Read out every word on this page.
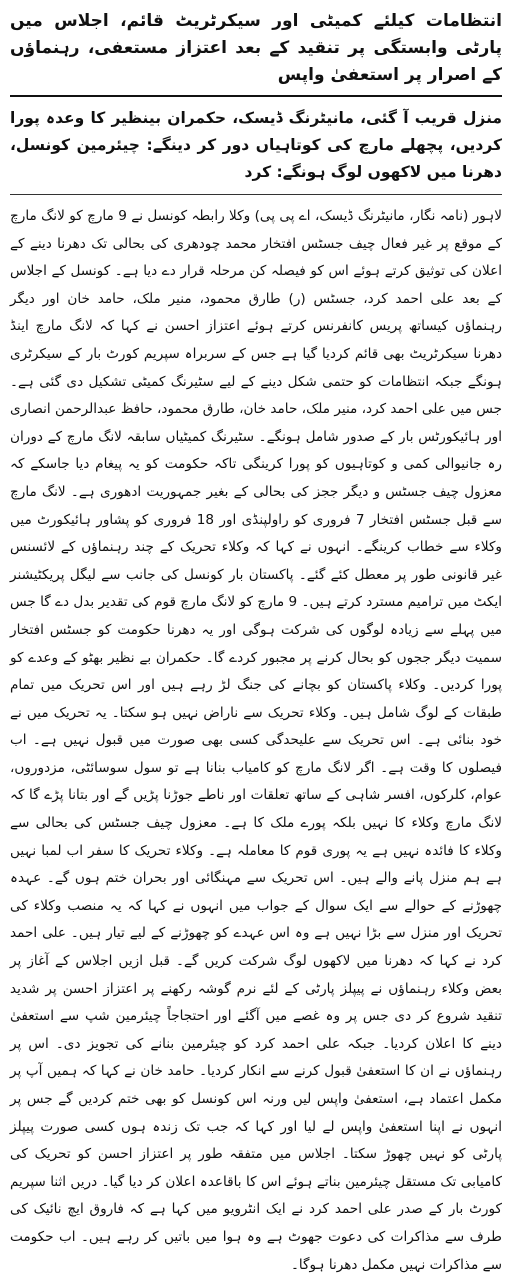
انتظامات کیلئے کمیٹی اور سیکرٹریٹ قائم، اجلاس میں پارٹی وابستگی پر تنقید کے بعد اعتزاز مستعفی، رہنماؤں کے اصرار پر استعفیٰ واپس
منزل قریب آ گئی، مانیٹرنگ ڈیسک، حکمران بینظیر کا وعدہ پورا کردیں، پچھلے مارچ کی کوتاہیاں دور کر دینگے: چیئرمین کونسل، دھرنا میں لاکھوں لوگ ہونگے: کرد

لاہور (نامہ نگار، مانیٹرنگ ڈیسک، اے پی پی) وکلا رابطہ کونسل نے 9 مارچ کو لانگ مارچ کے موقع پر غیر فعال چیف جسٹس افتخار محمد چودھری کی بحالی تک دھرنا دینے کے اعلان کی توثیق کرتے ہوئے اس کو فیصلہ کن مرحلہ قرار دے دیا ہے۔ کونسل کے اجلاس کے بعد علی احمد کرد، جسٹس (ر) طارق محمود، منیر ملک، حامد خان اور دیگر رہنماؤں کیساتھ پریس کانفرنس کرتے ہوئے اعتزاز احسن نے کہا کہ لانگ مارچ اینڈ دھرنا سیکرٹریٹ بھی قائم کردیا گیا ہے جس کے سربراہ سپریم کورٹ بار کے سیکرٹری ہونگے جبکہ انتظامات کو حتمی شکل دینے کے لیے سٹیرنگ کمیٹی تشکیل دی گئی ہے۔ جس میں علی احمد کرد، منیر ملک، حامد خان، طارق محمود، حافظ عبدالرحمن انصاری اور ہائیکورٹس بار کے صدور شامل ہونگے۔ سٹیرنگ کمیٹیاں سابقہ لانگ مارچ کے دوران رہ جانیوالی کمی و کوتاہیوں کو پورا کرینگی تاکہ حکومت کو یہ پیغام دیا جاسکے کہ معزول چیف جسٹس و دیگر ججز کی بحالی کے بغیر جمہوریت ادھوری ہے۔ لانگ مارچ سے قبل جسٹس افتخار 7 فروری کو راولپنڈی اور 18 فروری کو پشاور ہائیکورٹ میں وکلاء سے خطاب کرینگے۔ انہوں نے کہا کہ وکلاء تحریک کے چند رہنماؤں کے لائسنس غیر قانونی طور پر معطل کئے گئے۔ پاکستان بار کونسل کی جانب سے لیگل پریکٹیشنر ایکٹ میں ترامیم مسترد کرتے ہیں۔ 9 مارچ کو لانگ مارچ قوم کی تقدیر بدل دے گا جس میں پہلے سے زیادہ لوگوں کی شرکت ہوگی اور یہ دھرنا حکومت کو جسٹس افتخار سمیت دیگر ججوں کو بحال کرنے پر مجبور کردے گا۔ حکمران بے نظیر بھٹو کے وعدے کو پورا کردیں۔ وکلاء پاکستان کو بچانے کی جنگ لڑ رہے ہیں اور اس تحریک میں تمام طبقات کے لوگ شامل ہیں۔ وکلاء تحریک سے ناراض نہیں ہو سکتا۔ یہ تحریک میں نے خود بنائی ہے۔ اس تحریک سے علیحدگی کسی بھی صورت میں قبول نہیں ہے۔ اب فیصلوں کا وقت ہے۔ اگر لانگ مارچ کو کامیاب بنانا ہے تو سول سوسائٹی، مزدوروں، عوام، کلرکوں، افسر شاہی کے ساتھ تعلقات اور ناطے جوڑنا پڑیں گے اور بتانا پڑے گا کہ لانگ مارچ وکلاء کا نہیں بلکہ پورے ملک کا ہے۔ معزول چیف جسٹس کی بحالی سے وکلاء کا فائدہ نہیں ہے یہ پوری قوم کا معاملہ ہے۔ وکلاء تحریک کا سفر اب لمبا نہیں ہے ہم منزل پانے والے ہیں۔ اس تحریک سے مہنگائی اور بحران ختم ہوں گے۔ عہدہ چھوڑنے کے حوالے سے ایک سوال کے جواب میں انہوں نے کہا کہ یہ منصب وکلاء کی تحریک اور منزل سے بڑا نہیں ہے وہ اس عہدے کو چھوڑنے کے لیے تیار ہیں۔ علی احمد کرد نے کہا کہ دھرنا میں لاکھوں لوگ شرکت کریں گے۔ قبل ازیں اجلاس کے آغاز پر بعض وکلاء رہنماؤں نے پیپلز پارٹی کے لئے نرم گوشہ رکھنے پر اعتزاز احسن پر شدید تنقید شروع کر دی جس پر وہ غصے میں آگئے اور احتجاجاً چیئرمین شپ سے استعفیٰ دینے کا اعلان کردیا۔ جبکہ علی احمد کرد کو چیئرمین بنانے کی تجویز دی۔ اس پر رہنماؤں نے ان کا استعفیٰ قبول کرنے سے انکار کردیا۔ حامد خان نے کہا کہ ہمیں آپ پر مکمل اعتماد ہے، استعفیٰ واپس لیں ورنہ اس کونسل کو بھی ختم کردیں گے جس پر انہوں نے اپنا استعفیٰ واپس لے لیا اور کہا کہ جب تک زندہ ہوں کسی صورت پیپلز پارٹی کو نہیں چھوڑ سکتا۔ اجلاس میں متفقہ طور پر اعتزاز احسن کو تحریک کی کامیابی تک مستقل چیئرمین بناتے ہوئے اس کا باقاعدہ اعلان کر دیا گیا۔ دریں اثنا سپریم کورٹ بار کے صدر علی احمد کرد نے ایک انٹرویو میں کہا ہے کہ فاروق ایچ نائیک کی طرف سے مذاکرات کی دعوت جھوٹ ہے وہ ہوا میں باتیں کر رہے ہیں۔ اب حکومت سے مذاکرات نہیں مکمل دھرنا ہوگا۔
